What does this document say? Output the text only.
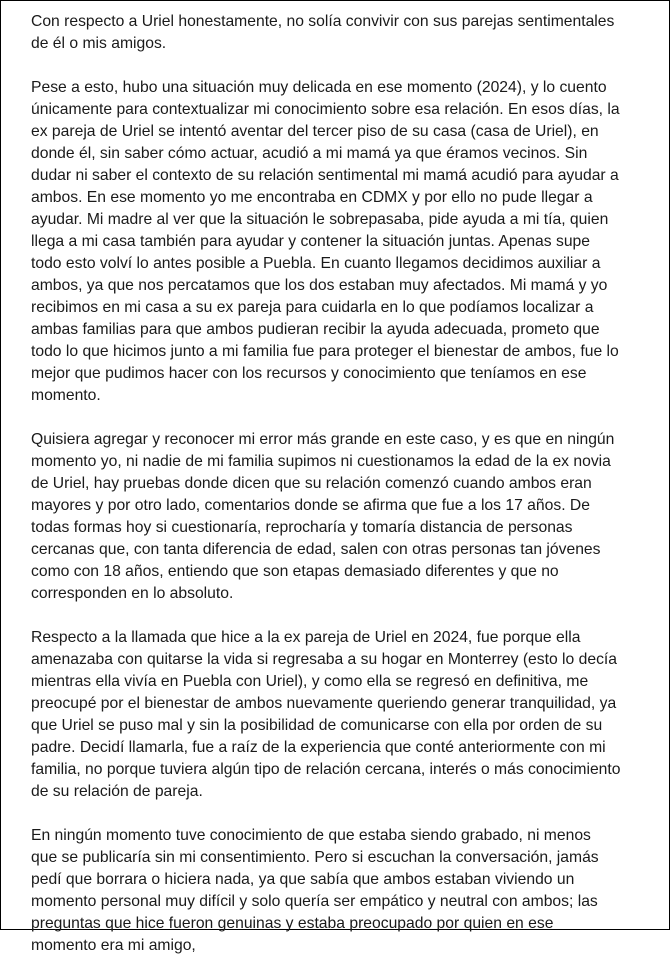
Con respecto a Uriel honestamente, no solía convivir con sus parejas sentimentales
de él o mis amigos.

Pese a esto, hubo una situación muy delicada en ese momento (2024), y lo cuento
únicamente para contextualizar mi conocimiento sobre esa relación. En esos días, la
ex pareja de Uriel se intentó aventar del tercer piso de su casa (casa de Uriel), en
donde él, sin saber cómo actuar, acudió a mi mamá ya que éramos vecinos. Sin
dudar ni saber el contexto de su relación sentimental mi mamá acudió para ayudar a
ambos. En ese momento yo me encontraba en CDMX y por ello no pude llegar a
ayudar. Mi madre al ver que la situación le sobrepasaba, pide ayuda a mi tía, quien
llega a mi casa también para ayudar y contener la situación juntas. Apenas supe
todo esto volví lo antes posible a Puebla. En cuanto llegamos decidimos auxiliar a
ambos, ya que nos percatamos que los dos estaban muy afectados. Mi mamá y yo
recibimos en mi casa a su ex pareja para cuidarla en lo que podíamos localizar a
ambas familias para que ambos pudieran recibir la ayuda adecuada, prometo que
todo lo que hicimos junto a mi familia fue para proteger el bienestar de ambos, fue lo
mejor que pudimos hacer con los recursos y conocimiento que teníamos en ese
momento.

Quisiera agregar y reconocer mi error más grande en este caso, y es que en ningún
momento yo, ni nadie de mi familia supimos ni cuestionamos la edad de la ex novia
de Uriel, hay pruebas donde dicen que su relación comenzó cuando ambos eran
mayores y por otro lado, comentarios donde se afirma que fue a los 17 años. De
todas formas hoy si cuestionaría, reprocharía y tomaría distancia de personas
cercanas que, con tanta diferencia de edad, salen con otras personas tan jóvenes
como con 18 años, entiendo que son etapas demasiado diferentes y que no
corresponden en lo absoluto.

Respecto a la llamada que hice a la ex pareja de Uriel en 2024, fue porque ella
amenazaba con quitarse la vida si regresaba a su hogar en Monterrey (esto lo decía
mientras ella vivía en Puebla con Uriel), y como ella se regresó en definitiva, me
preocupé por el bienestar de ambos nuevamente queriendo generar tranquilidad, ya
que Uriel se puso mal y sin la posibilidad de comunicarse con ella por orden de su
padre. Decidí llamarla, fue a raíz de la experiencia que conté anteriormente con mi
familia, no porque tuviera algún tipo de relación cercana, interés o más conocimiento
de su relación de pareja.

En ningún momento tuve conocimiento de que estaba siendo grabado, ni menos
que se publicaría sin mi consentimiento. Pero si escuchan la conversación, jamás
pedí que borrara o hiciera nada, ya que sabía que ambos estaban viviendo un
momento personal muy difícil y solo quería ser empático y neutral con ambos; las
preguntas que hice fueron genuinas y estaba preocupado por quien en ese
momento era mi amigo,
